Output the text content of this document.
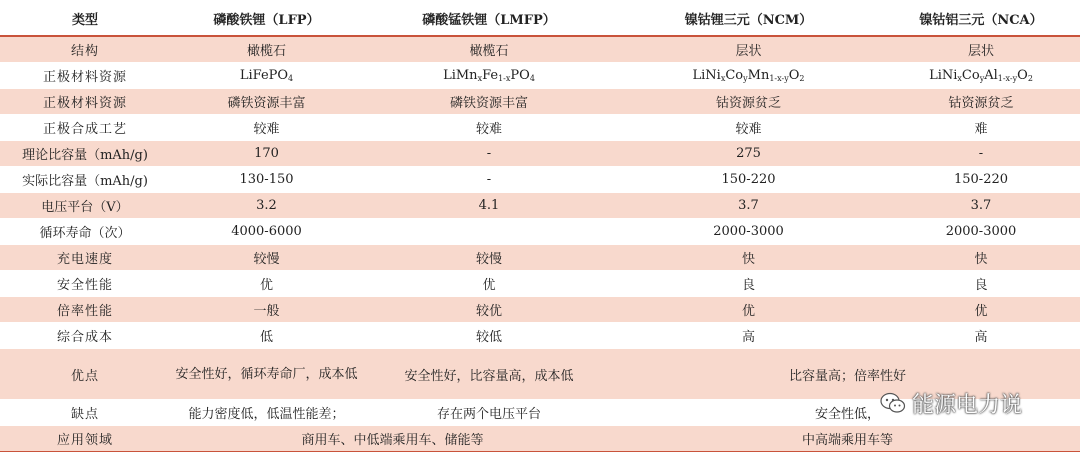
类型	磷酸铁锂（LFP）	磷酸锰铁锂（LMFP）	镍钴锂三元（NCM）	镍钴铝三元（NCA）
结构	橄榄石	橄榄石	层状	层状
正极材料资源	LiFePO$_4$	$LiMn_xFe_{1-x}PO_4$	$LiNi_xCo_yMn_{1-x-y}O_2$	$LiNi_xCo_yAl_{1-x-y}O_2$
正极材料资源	磷铁资源丰富	磷铁资源丰富	钴资源贫乏	钴资源贫乏
正极合成工艺	较难	较难	较难	难
理论比容量（mAh/g)	170	-	275	-
实际比容量（mAh/g)	130-150	-	150-220	150-220
电压平台（V）	3.2	4.1	3.7	3.7
循环寿命（次）	4000-6000		2000-3000	2000-3000
充电速度	较慢	较慢	快	快
安全性能	优	优	良	良
倍率性能	一般	较优	优	优
综合成本	低	较低	高	高
优点	安全性好，循环寿命厂，成本低	安全性好，比容量高，成本低	比容量高；倍率性好	
缺点	能力密度低，低温性能差；	存在两个电压平台	安全性低，	
应用领域	商用车、中低端乘用车、储能等		中高端乘用车等	
能源电力说
